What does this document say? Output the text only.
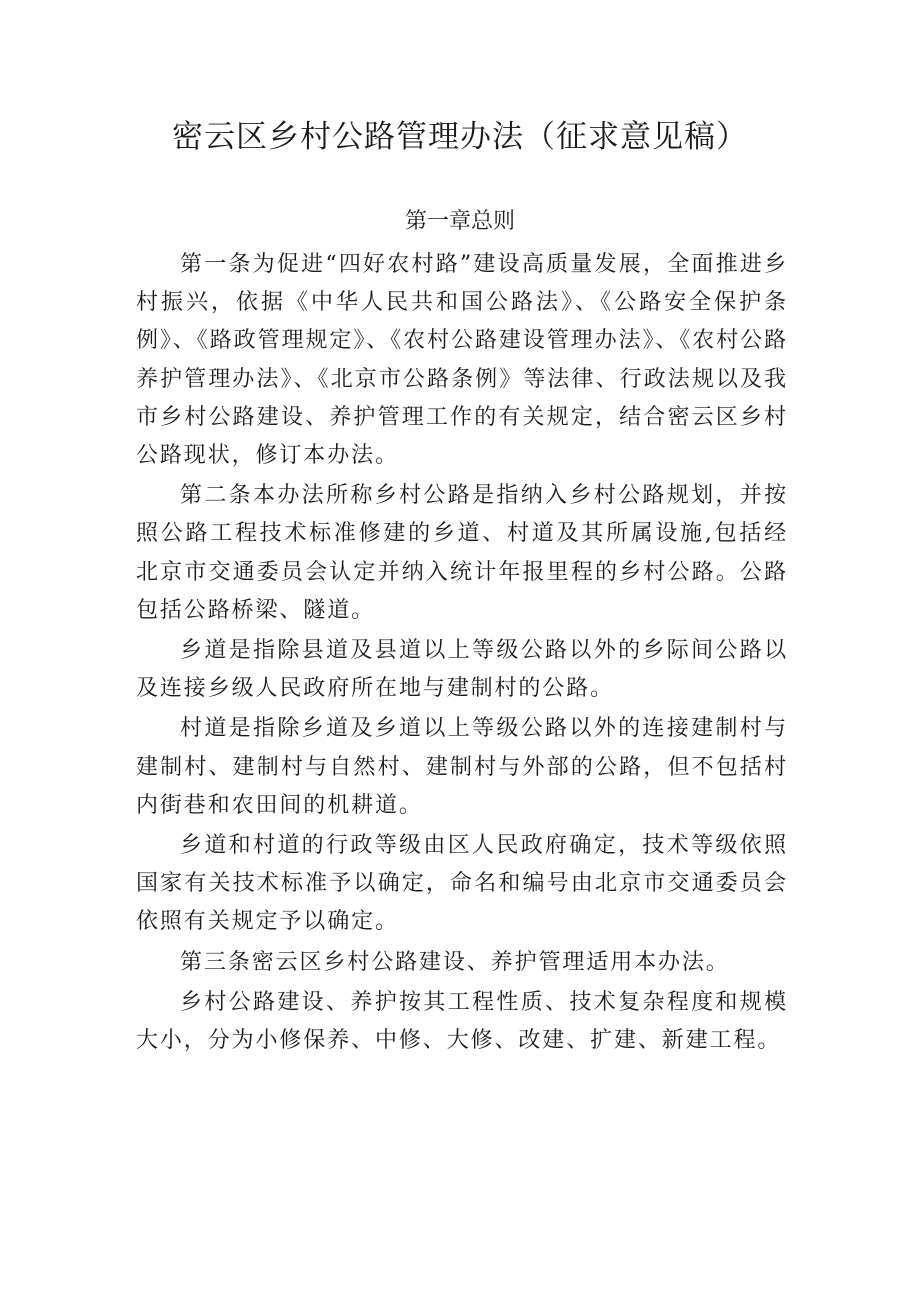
密云区乡村公路管理办法（征求意见稿）
第一章总则

第一条为促进“四好农村路”建设高质量发展，全面推进乡村振兴，依据《中华人民共和国公路法》、《公路安全保护条例》、《路政管理规定》、《农村公路建设管理办法》、《农村公路养护管理办法》、《北京市公路条例》等法律、行政法规以及我市乡村公路建设、养护管理工作的有关规定，结合密云区乡村公路现状，修订本办法。

第二条本办法所称乡村公路是指纳入乡村公路规划，并按照公路工程技术标准修建的乡道、村道及其所属设施,包括经北京市交通委员会认定并纳入统计年报里程的乡村公路。公路包括公路桥梁、隧道。

乡道是指除县道及县道以上等级公路以外的乡际间公路以及连接乡级人民政府所在地与建制村的公路。

村道是指除乡道及乡道以上等级公路以外的连接建制村与建制村、建制村与自然村、建制村与外部的公路，但不包括村内街巷和农田间的机耕道。

乡道和村道的行政等级由区人民政府确定，技术等级依照国家有关技术标准予以确定，命名和编号由北京市交通委员会依照有关规定予以确定。

第三条密云区乡村公路建设、养护管理适用本办法。

乡村公路建设、养护按其工程性质、技术复杂程度和规模大小，分为小修保养、中修、大修、改建、扩建、新建工程。
